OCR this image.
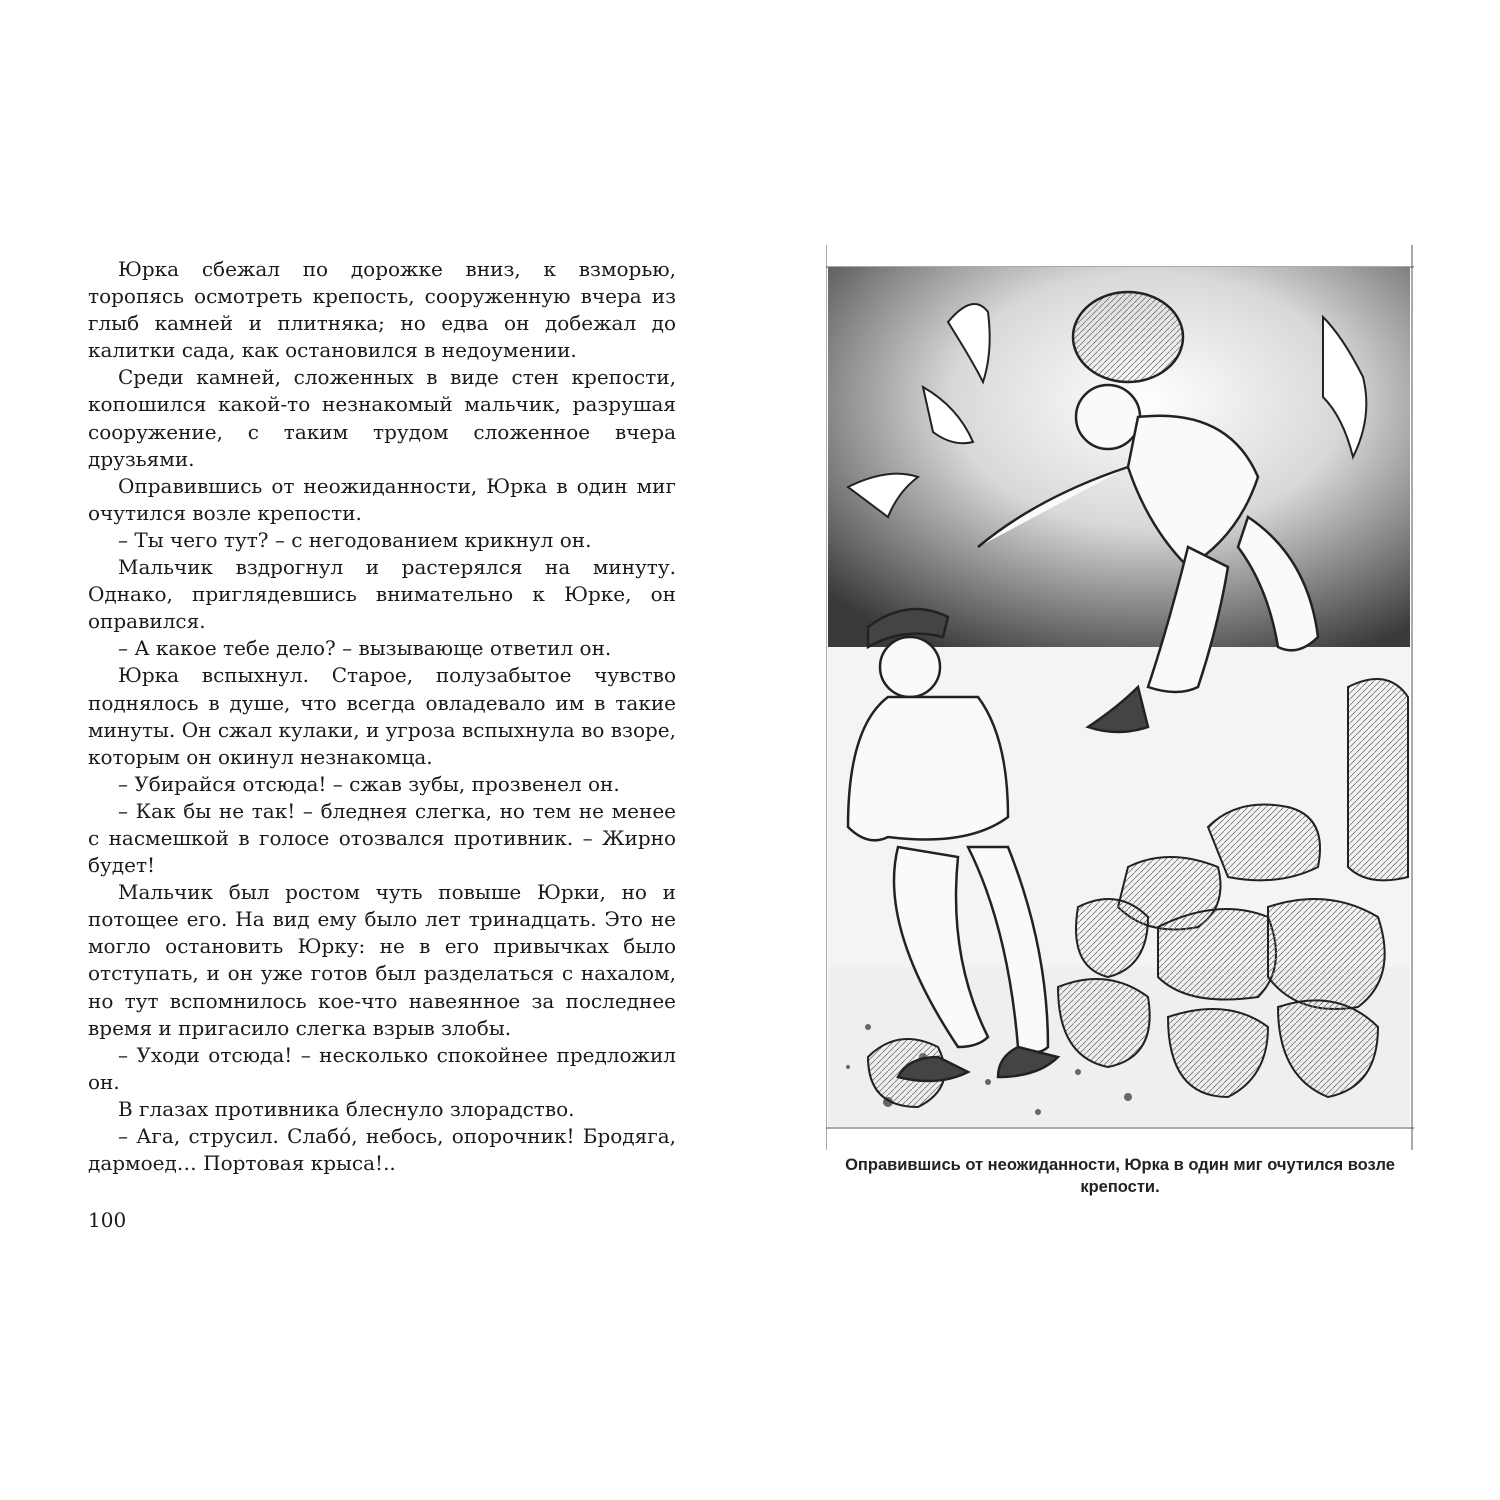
Юрка сбежал по дорожке вниз, к взморью, торопясь осмотреть крепость, сооруженную вчера из глыб камней и плитняка; но едва он добежал до калитки сада, как остановился в недоумении.

Среди камней, сложенных в виде стен крепости, копошился какой-то незнакомый мальчик, разрушая сооружение, с таким трудом сложенное вчера друзьями.

Оправившись от неожиданности, Юрка в один миг очутился возле крепости.

– Ты чего тут? – с негодованием крикнул он.

Мальчик вздрогнул и растерялся на минуту. Однако, приглядевшись внимательно к Юрке, он оправился.

– А какое тебе дело? – вызывающе ответил он.

Юрка вспыхнул. Старое, полузабытое чувство поднялось в душе, что всегда овладевало им в такие минуты. Он сжал кулаки, и угроза вспыхнула во взоре, которым он окинул незнакомца.

– Убирайся отсюда! – сжав зубы, прозвенел он.

– Как бы не так! – бледнея слегка, но тем не менее с насмешкой в голосе отозвался противник. – Жирно будет!

Мальчик был ростом чуть повыше Юрки, но и потощее его. На вид ему было лет тринадцать. Это не могло остановить Юрку: не в его привычках было отступать, и он уже готов был разделаться с нахалом, но тут вспомнилось кое-что навеянное за последнее время и пригасило слегка взрыв злобы.

– Уходи отсюда! – несколько спокойнее предложил он.

В глазах противника блеснуло злорадство.

– Ага, струсил. Слабо́, небось, опорочник! Бродяга, дармоед… Портовая крыса!..

100
Оправившись от неожиданности, Юрка в один миг очутился возле крепости.
